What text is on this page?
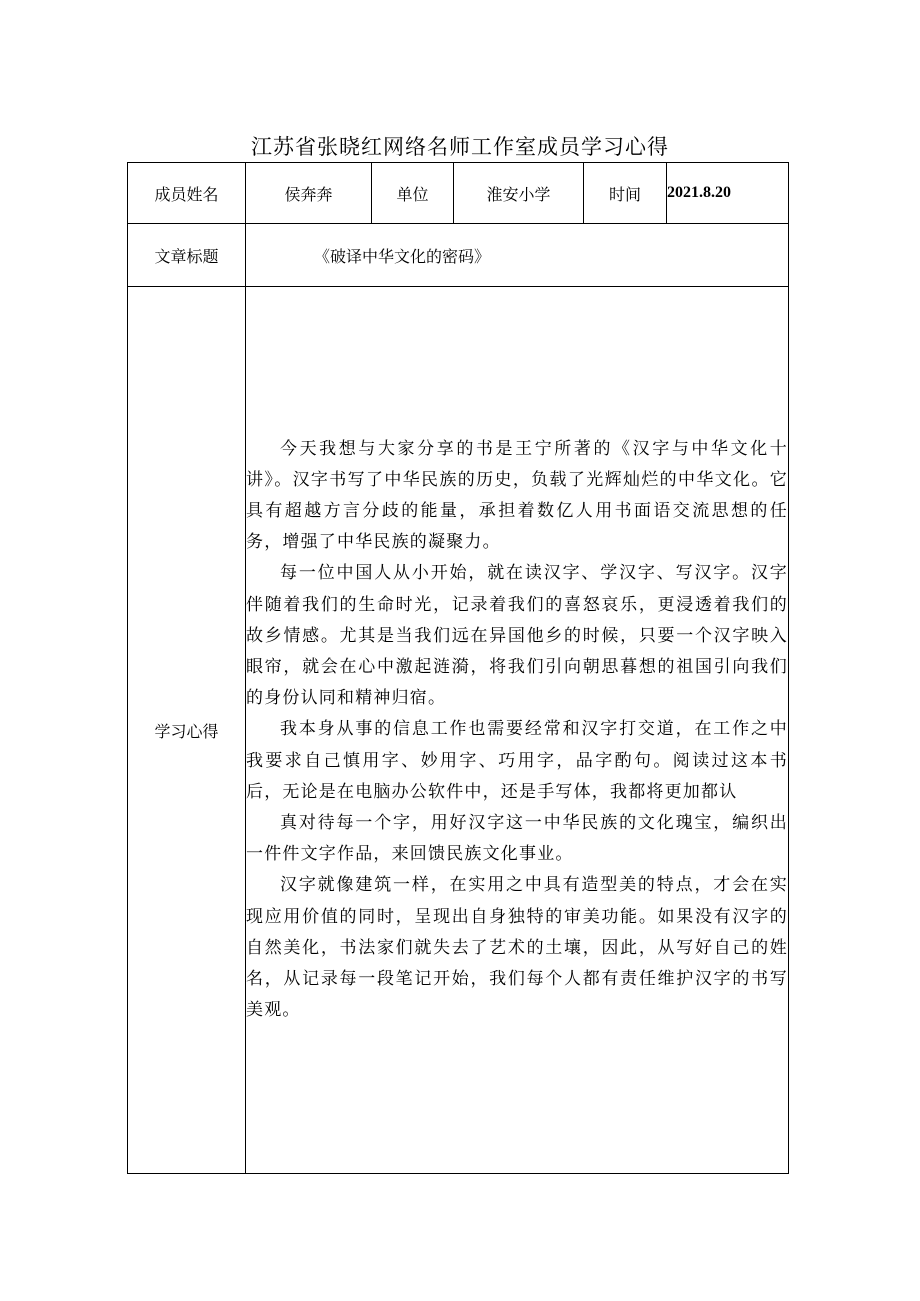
江苏省张晓红网络名师工作室成员学习心得
成员姓名	侯奔奔	单位	淮安小学	时间	2021.8.20
文章标题	《破译中华文化的密码》				
学习心得	今天我想与大家分享的书是王宁所著的《汉字与中华文化十讲》。汉字书写了中华民族的历史，负载了光辉灿烂的中华文化。它具有超越方言分歧的能量，承担着数亿人用书面语交流思想的任务，增强了中华民族的凝聚力。

每一位中国人从小开始，就在读汉字、学汉字、写汉字。汉字伴随着我们的生命时光，记录着我们的喜怒哀乐，更浸透着我们的故乡情感。尤其是当我们远在异国他乡的时候，只要一个汉字映入眼帘，就会在心中激起涟漪，将我们引向朝思暮想的祖国引向我们的身份认同和精神归宿。

我本身从事的信息工作也需要经常和汉字打交道，在工作之中我要求自己慎用字、妙用字、巧用字，品字酌句。阅读过这本书后，无论是在电脑办公软件中，还是手写体，我都将更加都认

真对待每一个字，用好汉字这一中华民族的文化瑰宝，编织出一件件文字作品，来回馈民族文化事业。

汉字就像建筑一样，在实用之中具有造型美的特点，才会在实现应用价值的同时，呈现出自身独特的审美功能。如果没有汉字的自然美化，书法家们就失去了艺术的土壤，因此，从写好自己的姓名，从记录每一段笔记开始，我们每个人都有责任维护汉字的书写美观。				
